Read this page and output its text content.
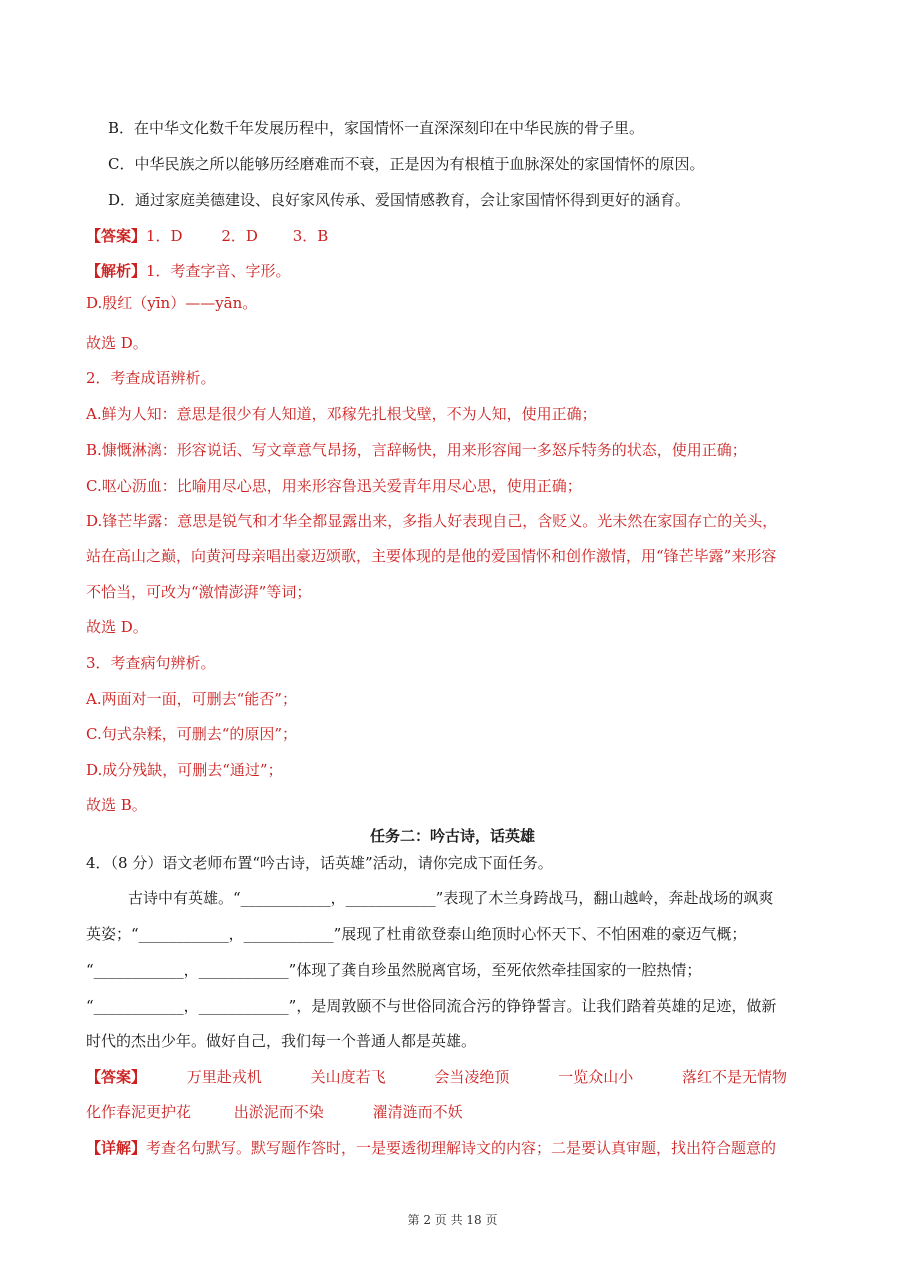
B．在中华文化数千年发展历程中，家国情怀一直深深刻印在中华民族的骨子里。
C．中华民族之所以能够历经磨难而不衰，正是因为有根植于血脉深处的家国情怀的原因。
D．通过家庭美德建设、良好家风传承、爱国情感教育，会让家国情怀得到更好的涵育。
【答案】1．D	2．D 3．B
【解析】1．考查字音、字形。
D.殷红（yīn）——yān。
故选 D。
2．考查成语辨析。
A.鲜为人知：意思是很少有人知道，邓稼先扎根戈壁，不为人知，使用正确；
B.慷慨淋漓：形容说话、写文章意气昂扬，言辞畅快，用来形容闻一多怒斥特务的状态，使用正确；
C.呕心沥血：比喻用尽心思，用来形容鲁迅关爱青年用尽心思，使用正确；
D.锋芒毕露：意思是锐气和才华全都显露出来，多指人好表现自己，含贬义。光未然在家国存亡的关头，
站在高山之巅，向黄河母亲唱出豪迈颂歌，主要体现的是他的爱国情怀和创作激情，用“锋芒毕露”来形容
不恰当，可改为“激情澎湃”等词；
故选 D。
3．考查病句辨析。
A.两面对一面，可删去“能否”；
C.句式杂糅，可删去“的原因”；
D.成分残缺，可删去“通过”；
故选 B。
任务二：吟古诗，话英雄
4．（8 分）语文老师布置“吟古诗，话英雄”活动，请你完成下面任务。
古诗中有英雄。“____________，____________”表现了木兰身跨战马，翻山越岭，奔赴战场的飒爽
英姿；“____________，____________”展现了杜甫欲登泰山绝顶时心怀天下、不怕困难的豪迈气概；
“____________，____________”体现了龚自珍虽然脱离官场，至死依然牵挂国家的一腔热情；
“____________，____________”，是周敦颐不与世俗同流合污的铮铮誓言。让我们踏着英雄的足迹，做新
时代的杰出少年。做好自己，我们每一个普通人都是英雄。
【答案】	万里赴戎机	关山度若飞	会当凌绝顶	一览众山小	落红不是无情物
化作春泥更护花	出淤泥而不染	濯清涟而不妖
【详解】考查名句默写。默写题作答时，一是要透彻理解诗文的内容；二是要认真审题，找出符合题意的
第 2 页 共 18 页
